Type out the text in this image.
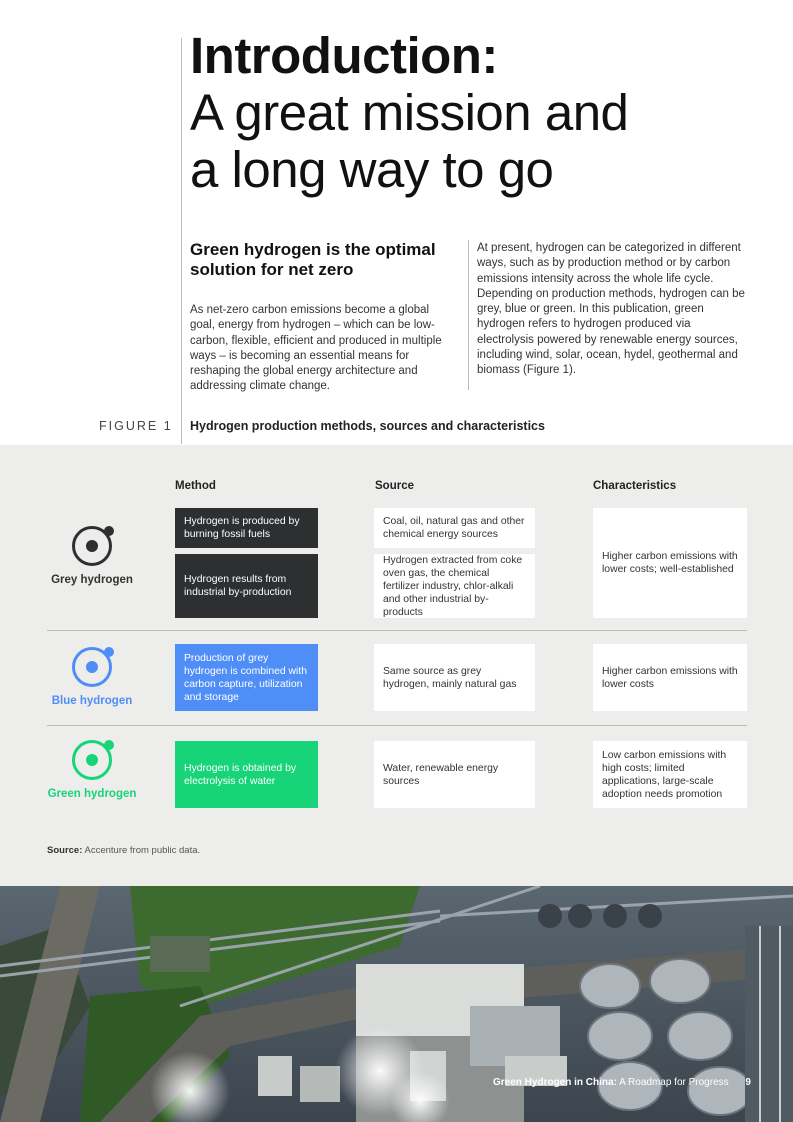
Introduction:
A great mission and
a long way to go
Green hydrogen is the optimal solution for net zero
As net-zero carbon emissions become a global goal, energy from hydrogen – which can be low-carbon, flexible, efficient and produced in multiple ways – is becoming an essential means for reshaping the global energy architecture and addressing climate change.
At present, hydrogen can be categorized in different ways, such as by production method or by carbon emissions intensity across the whole life cycle. Depending on production methods, hydrogen can be grey, blue or green. In this publication, green hydrogen refers to hydrogen produced via electrolysis powered by renewable energy sources, including wind, solar, ocean, hydel, geothermal and biomass (Figure 1).
FIGURE 1 Hydrogen production methods, sources and characteristics
Method	Source	Characteristics
Grey hydrogen
Hydrogen is produced by burning fossil fuels
Hydrogen results from industrial by-production
Coal, oil, natural gas and other chemical energy sources
Hydrogen extracted from coke oven gas, the chemical fertilizer industry, chlor-alkali and other industrial by-products
Higher carbon emissions with lower costs; well-established
Blue hydrogen
Production of grey hydrogen is combined with carbon capture, utilization and storage
Same source as grey hydrogen, mainly natural gas
Higher carbon emissions with lower costs
Green hydrogen
Hydrogen is obtained by electrolysis of water
Water, renewable energy sources
Low carbon emissions with high costs; limited applications, large-scale adoption needs promotion
Source: Accenture from public data.
Green Hydrogen in China: A Roadmap for Progress 9
